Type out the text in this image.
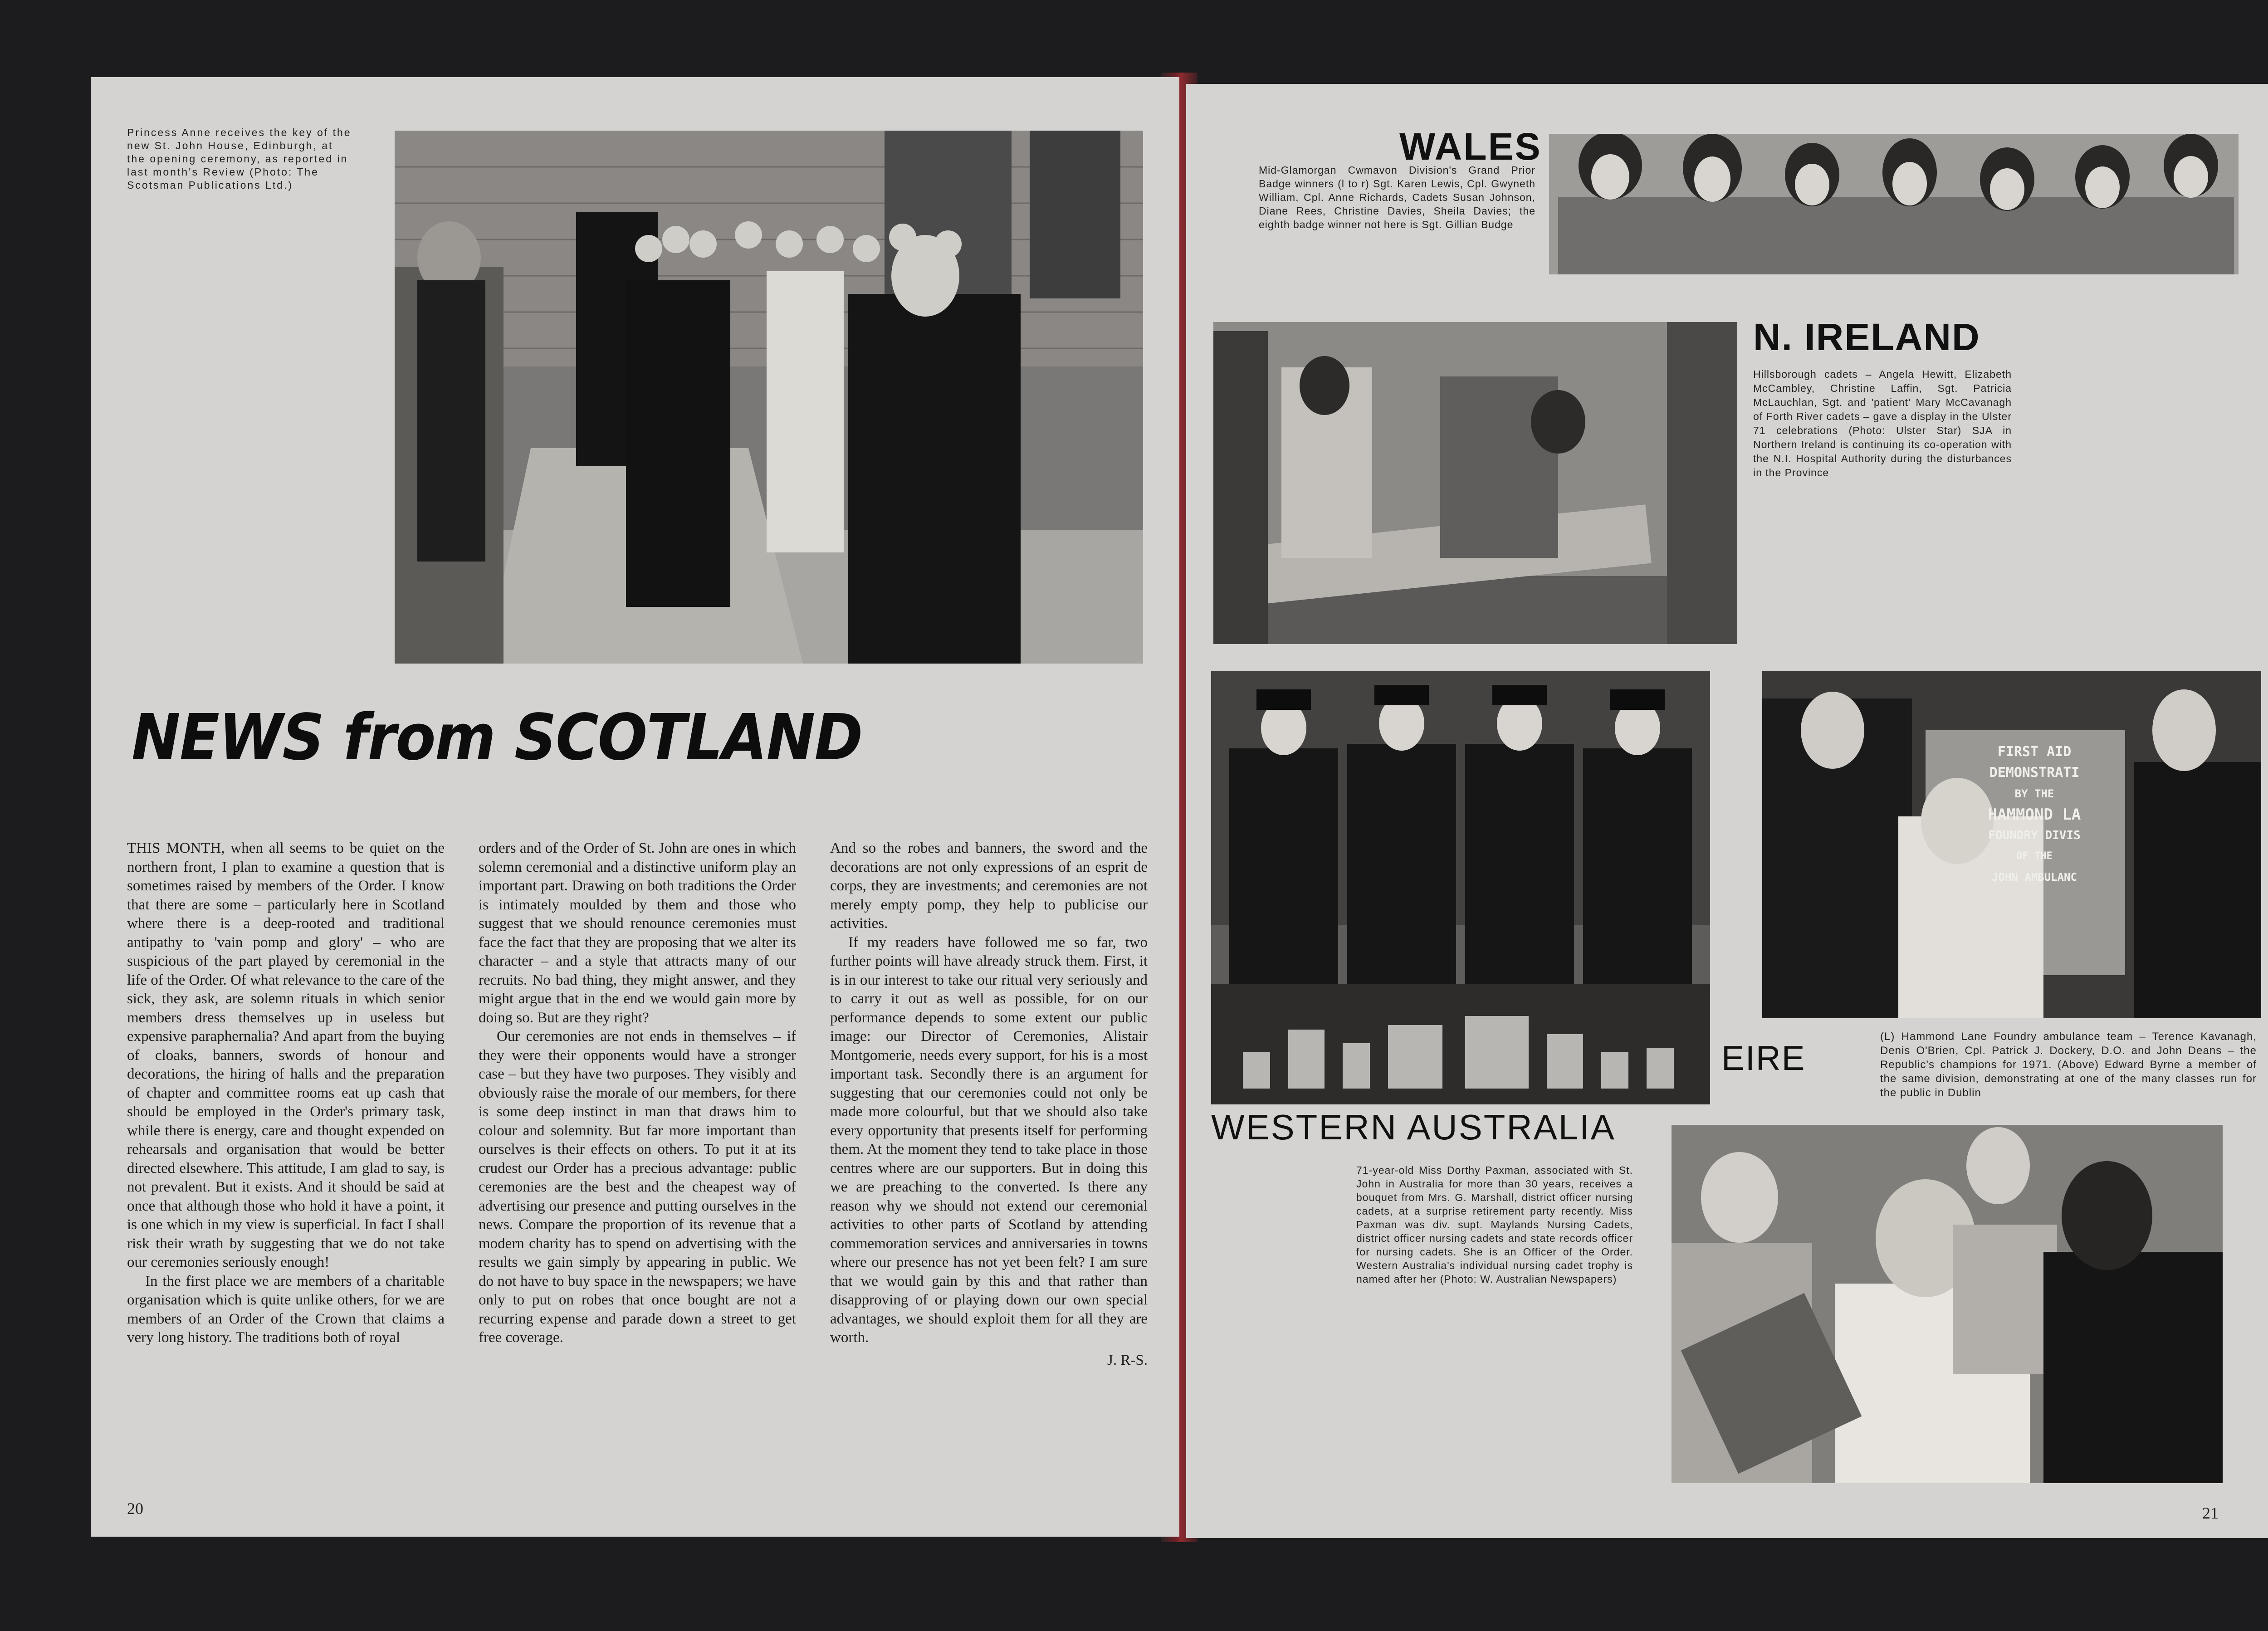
Princess Anne receives the key of the new St. John House, Edinburgh, at the opening ceremony, as reported in last month's Review (Photo: The Scotsman Publications Ltd.)
NEWS from SCOTLAND

THIS MONTH, when all seems to be quiet on the northern front, I plan to examine a question that is sometimes raised by members of the Order. I know that there are some – particularly here in Scotland where there is a deep-rooted and traditional antipathy to 'vain pomp and glory' – who are suspicious of the part played by ceremonial in the life of the Order. Of what relevance to the care of the sick, they ask, are solemn rituals in which senior members dress themselves up in useless but expensive paraphernalia? And apart from the buying of cloaks, banners, swords of honour and decorations, the hiring of halls and the preparation of chapter and committee rooms eat up cash that should be employed in the Order's primary task, while there is energy, care and thought expended on rehearsals and organisation that would be better directed elsewhere. This attitude, I am glad to say, is not prevalent. But it exists. And it should be said at once that although those who hold it have a point, it is one which in my view is superficial. In fact I shall risk their wrath by suggesting that we do not take our ceremonies seriously enough!

In the first place we are members of a charitable organisation which is quite unlike others, for we are members of an Order of the Crown that claims a very long history. The traditions both of royal

orders and of the Order of St. John are ones in which solemn ceremonial and a distinctive uniform play an important part. Drawing on both traditions the Order is intimately moulded by them and those who suggest that we should renounce ceremonies must face the fact that they are proposing that we alter its character – and a style that attracts many of our recruits. No bad thing, they might answer, and they might argue that in the end we would gain more by doing so. But are they right?

Our ceremonies are not ends in themselves – if they were their opponents would have a stronger case – but they have two purposes. They visibly and obviously raise the morale of our members, for there is some deep instinct in man that draws him to colour and solemnity. But far more important than ourselves is their effects on others. To put it at its crudest our Order has a precious advantage: public ceremonies are the best and the cheapest way of advertising our presence and putting ourselves in the news. Compare the proportion of its revenue that a modern charity has to spend on advertising with the results we gain simply by appearing in public. We do not have to buy space in the newspapers; we have only to put on robes that once bought are not a recurring expense and parade down a street to get free coverage.

And so the robes and banners, the sword and the decorations are not only expressions of an esprit de corps, they are investments; and ceremonies are not merely empty pomp, they help to publicise our activities.

If my readers have followed me so far, two further points will have already struck them. First, it is in our interest to take our ritual very seriously and to carry it out as well as possible, for on our performance depends to some extent our public image: our Director of Ceremonies, Alistair Montgomerie, needs every support, for his is a most important task. Secondly there is an argument for suggesting that our ceremonies could not only be made more colourful, but that we should also take every opportunity that presents itself for performing them. At the moment they tend to take place in those centres where are our supporters. But in doing this we are preaching to the converted. Is there any reason why we should not extend our ceremonial activities to other parts of Scotland by attending commemoration services and anniversaries in towns where our presence has not yet been felt? I am sure that we would gain by this and that rather than disapproving of or playing down our own special advantages, we should exploit them for all they are worth.

J. R-S.
20
WALES
Mid-Glamorgan Cwmavon Division's Grand Prior Badge winners (l to r) Sgt. Karen Lewis, Cpl. Gwyneth William, Cpl. Anne Richards, Cadets Susan Johnson, Diane Rees, Christine Davies, Sheila Davies; the eighth badge winner not here is Sgt. Gillian Budge
N. IRELAND
Hillsborough cadets – Angela Hewitt, Elizabeth McCambley, Christine Laffin, Sgt. Patricia McLauchlan, Sgt. and 'patient' Mary McCavanagh of Forth River cadets – gave a display in the Ulster 71 celebrations (Photo: Ulster Star) SJA in Northern Ireland is continuing its co-operation with the N.I. Hospital Authority during the disturbances in the Province
FIRST AID DEMONSTRATI
BY THE
HAMMOND LA
FOUNDRY DIVIS
OF THE
JOHN AMBULANC
EIRE
(L) Hammond Lane Foundry ambulance team – Terence Kavanagh, Denis O'Brien, Cpl. Patrick J. Dockery, D.O. and John Deans – the Republic's champions for 1971. (Above) Edward Byrne a member of the same division, demonstrating at one of the many classes run for the public in Dublin
WESTERN AUSTRALIA
71-year-old Miss Dorthy Paxman, associated with St. John in Australia for more than 30 years, receives a bouquet from Mrs. G. Marshall, district officer nursing cadets, at a surprise retirement party recently. Miss Paxman was div. supt. Maylands Nursing Cadets, district officer nursing cadets and state records officer for nursing cadets. She is an Officer of the Order. Western Australia's individual nursing cadet trophy is named after her (Photo: W. Australian Newspapers)
21
